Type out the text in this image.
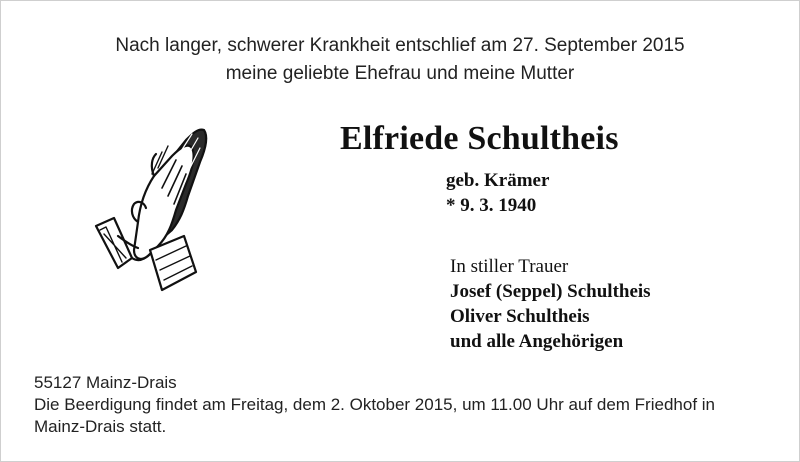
Nach langer, schwerer Krankheit entschlief am 27. September 2015
meine geliebte Ehefrau und meine Mutter
Elfriede Schultheis
geb. Krämer
* 9. 3. 1940
In stiller Trauer
Josef (Seppel) Schultheis
Oliver Schultheis
und alle Angehörigen
55127 Mainz-Drais
Die Beerdigung findet am Freitag, dem 2. Oktober 2015, um 11.00 Uhr auf dem Friedhof in
Mainz-Drais statt.
